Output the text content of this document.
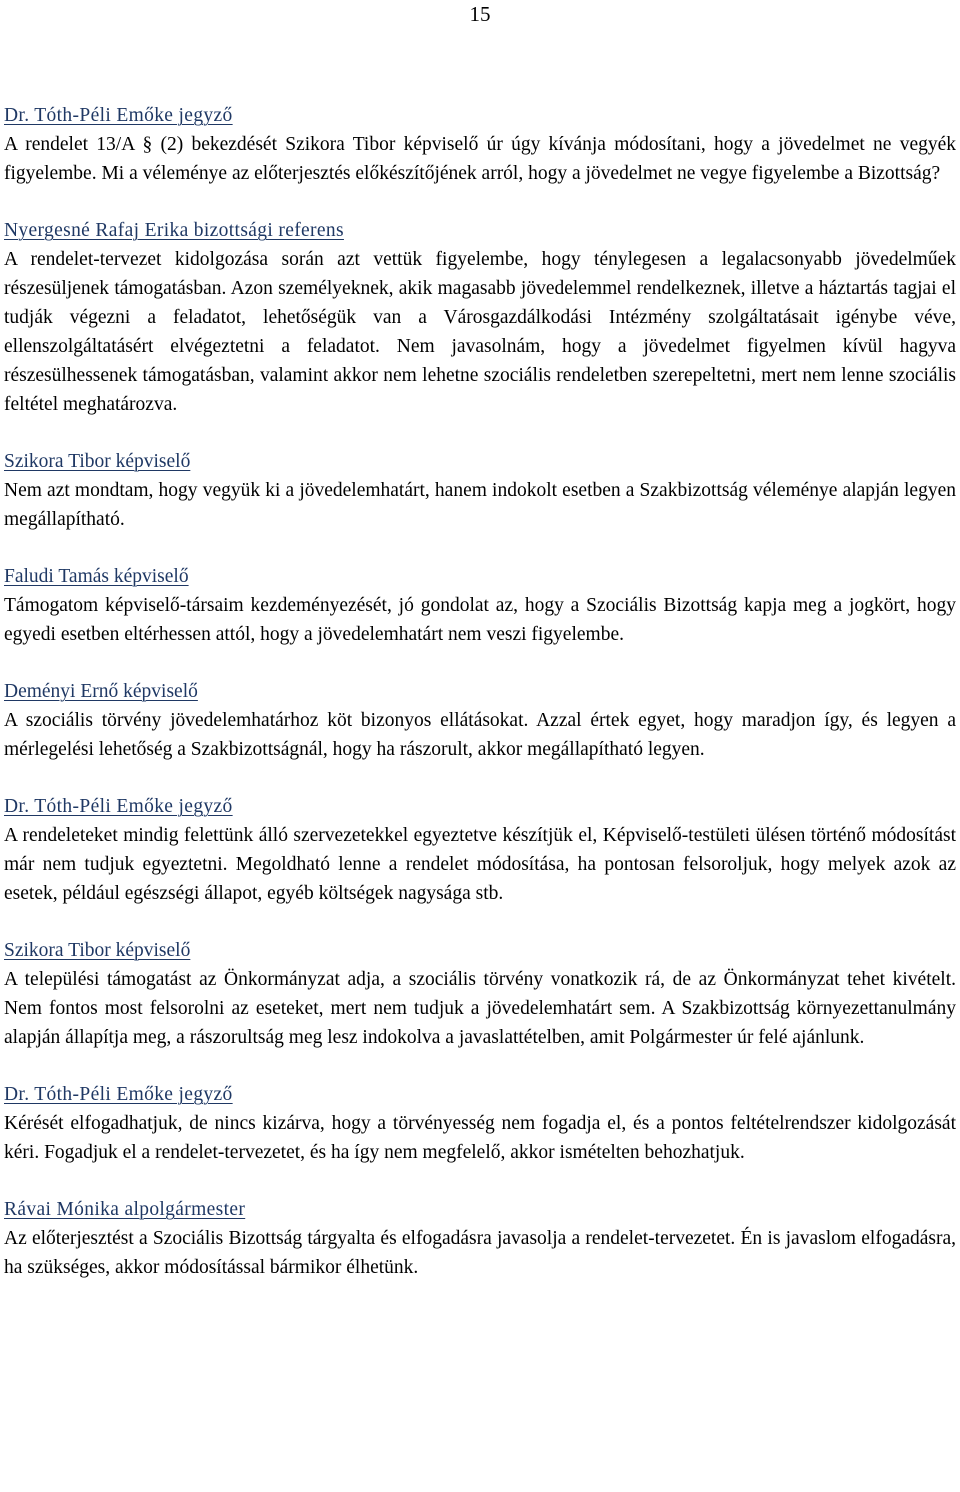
15
Dr. Tóth-Péli Emőke jegyző

A rendelet 13/A § (2) bekezdését Szikora Tibor képviselő úr úgy kívánja módosítani, hogy a jövedelmet ne vegyék figyelembe. Mi a véleménye az előterjesztés előkészítőjének arról, hogy a jövedelmet ne vegye figyelembe a Bizottság?

Nyergesné Rafaj Erika bizottsági referens

A rendelet-tervezet kidolgozása során azt vettük figyelembe, hogy ténylegesen a legalacsonyabb jövedelműek részesüljenek támogatásban. Azon személyeknek, akik magasabb jövedelemmel rendelkeznek, illetve a háztartás tagjai el tudják végezni a feladatot, lehetőségük van a Városgazdálkodási Intézmény szolgáltatásait igénybe véve, ellenszolgáltatásért elvégeztetni a feladatot. Nem javasolnám, hogy a jövedelmet figyelmen kívül hagyva részesülhessenek támogatásban, valamint akkor nem lehetne szociális rendeletben szerepeltetni, mert nem lenne szociális feltétel meghatározva.

Szikora Tibor képviselő

Nem azt mondtam, hogy vegyük ki a jövedelemhatárt, hanem indokolt esetben a Szakbizottság véleménye alapján legyen megállapítható.

Faludi Tamás képviselő

Támogatom képviselő-társaim kezdeményezését, jó gondolat az, hogy a Szociális Bizottság kapja meg a jogkört, hogy egyedi esetben eltérhessen attól, hogy a jövedelemhatárt nem veszi figyelembe.

Deményi Ernő képviselő

A szociális törvény jövedelemhatárhoz köt bizonyos ellátásokat. Azzal értek egyet, hogy maradjon így, és legyen a mérlegelési lehetőség a Szakbizottságnál, hogy ha rászorult, akkor megállapítható legyen.

Dr. Tóth-Péli Emőke jegyző

A rendeleteket mindig felettünk álló szervezetekkel egyeztetve készítjük el, Képviselő-testületi ülésen történő módosítást már nem tudjuk egyeztetni. Megoldható lenne a rendelet módosítása, ha pontosan felsoroljuk, hogy melyek azok az esetek, például egészségi állapot, egyéb költségek nagysága stb.

Szikora Tibor képviselő

A települési támogatást az Önkormányzat adja, a szociális törvény vonatkozik rá, de az Önkormányzat tehet kivételt. Nem fontos most felsorolni az eseteket, mert nem tudjuk a jövedelemhatárt sem. A Szakbizottság környezettanulmány alapján állapítja meg, a rászorultság meg lesz indokolva a javaslattételben, amit Polgármester úr felé ajánlunk.

Dr. Tóth-Péli Emőke jegyző

Kérését elfogadhatjuk, de nincs kizárva, hogy a törvényesség nem fogadja el, és a pontos feltételrendszer kidolgozását kéri. Fogadjuk el a rendelet-tervezetet, és ha így nem megfelelő, akkor ismételten behozhatjuk.

Rávai Mónika alpolgármester

Az előterjesztést a Szociális Bizottság tárgyalta és elfogadásra javasolja a rendelet-tervezetet. Én is javaslom elfogadásra, ha szükséges, akkor módosítással bármikor élhetünk.
